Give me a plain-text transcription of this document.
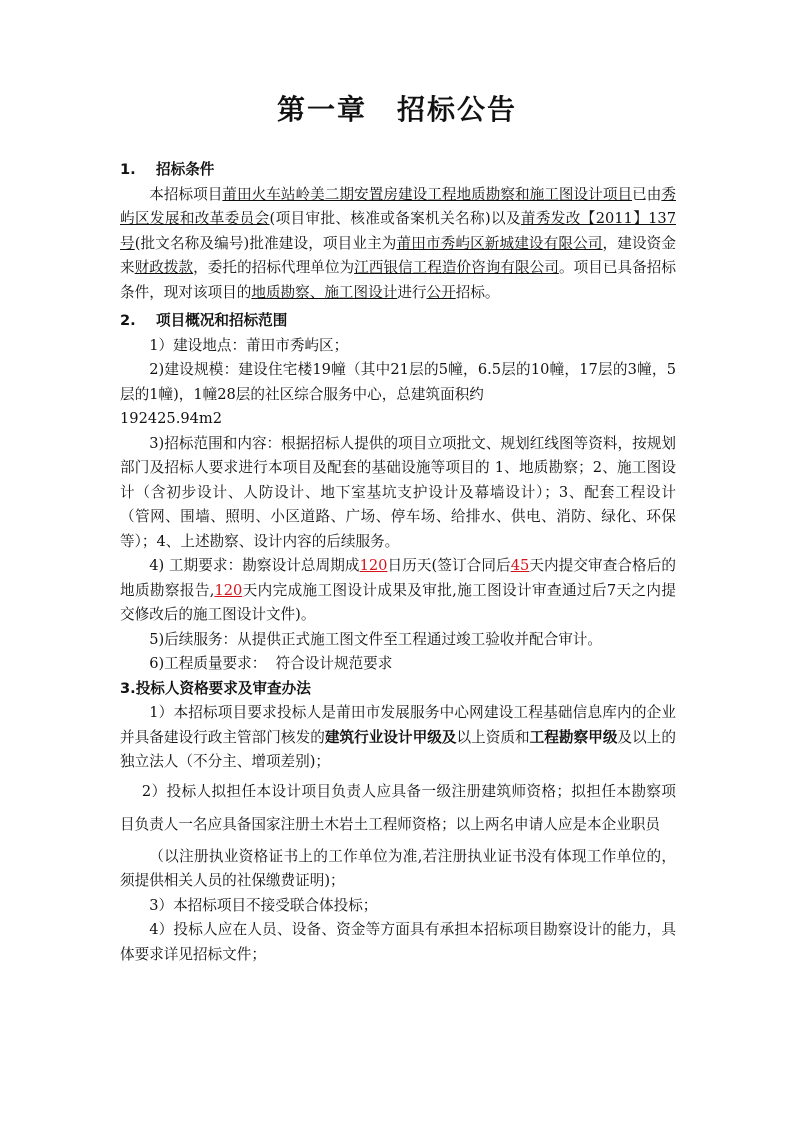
第一章 招标公告
1. 招标条件

本招标项目莆田火车站岭美二期安置房建设工程地质勘察和施工图设计项目已由秀屿区发展和改革委员会(项目审批、核准或备案机关名称)以及莆秀发改【2011】137号(批文名称及编号)批准建设，项目业主为莆田市秀屿区新城建设有限公司，建设资金来财政拨款，委托的招标代理单位为江西银信工程造价咨询有限公司。项目已具备招标条件，现对该项目的地质勘察、施工图设计进行公开招标。

2. 项目概况和招标范围

1）建设地点：莆田市秀屿区；

2)建设规模：建设住宅楼19幢（其中21层的5幢，6.5层的10幢，17层的3幢，5层的1幢)，1幢28层的社区综合服务中心，总建筑面积约

192425.94m2

3)招标范围和内容：根据招标人提供的项目立项批文、规划红线图等资料，按规划部门及招标人要求进行本项目及配套的基础设施等项目的 1、地质勘察；2、施工图设计（含初步设计、人防设计、地下室基坑支护设计及幕墙设计）；3、配套工程设计（管网、围墙、照明、小区道路、广场、停车场、给排水、供电、消防、绿化、环保等）；4、上述勘察、设计内容的后续服务。

4) 工期要求：勘察设计总周期成120日历天(签订合同后45天内提交审查合格后的地质勘察报告,120天内完成施工图设计成果及审批,施工图设计审查通过后7天之内提交修改后的施工图设计文件)。

5)后续服务：从提供正式施工图文件至工程通过竣工验收并配合审计。

6)工程质量要求： 符合设计规范要求

3.投标人资格要求及审查办法

1）本招标项目要求投标人是莆田市发展服务中心网建设工程基础信息库内的企业并具备建设行政主管部门核发的建筑行业设计甲级及以上资质和工程勘察甲级及以上的独立法人（不分主、增项差别)；

2）投标人拟担任本设计项目负责人应具备一级注册建筑师资格；拟担任本勘察项目负责人一名应具备国家注册土木岩土工程师资格；以上两名申请人应是本企业职员

（以注册执业资格证书上的工作单位为准,若注册执业证书没有体现工作单位的，须提供相关人员的社保缴费证明)；

3）本招标项目不接受联合体投标；

4）投标人应在人员、设备、资金等方面具有承担本招标项目勘察设计的能力，具体要求详见招标文件；
